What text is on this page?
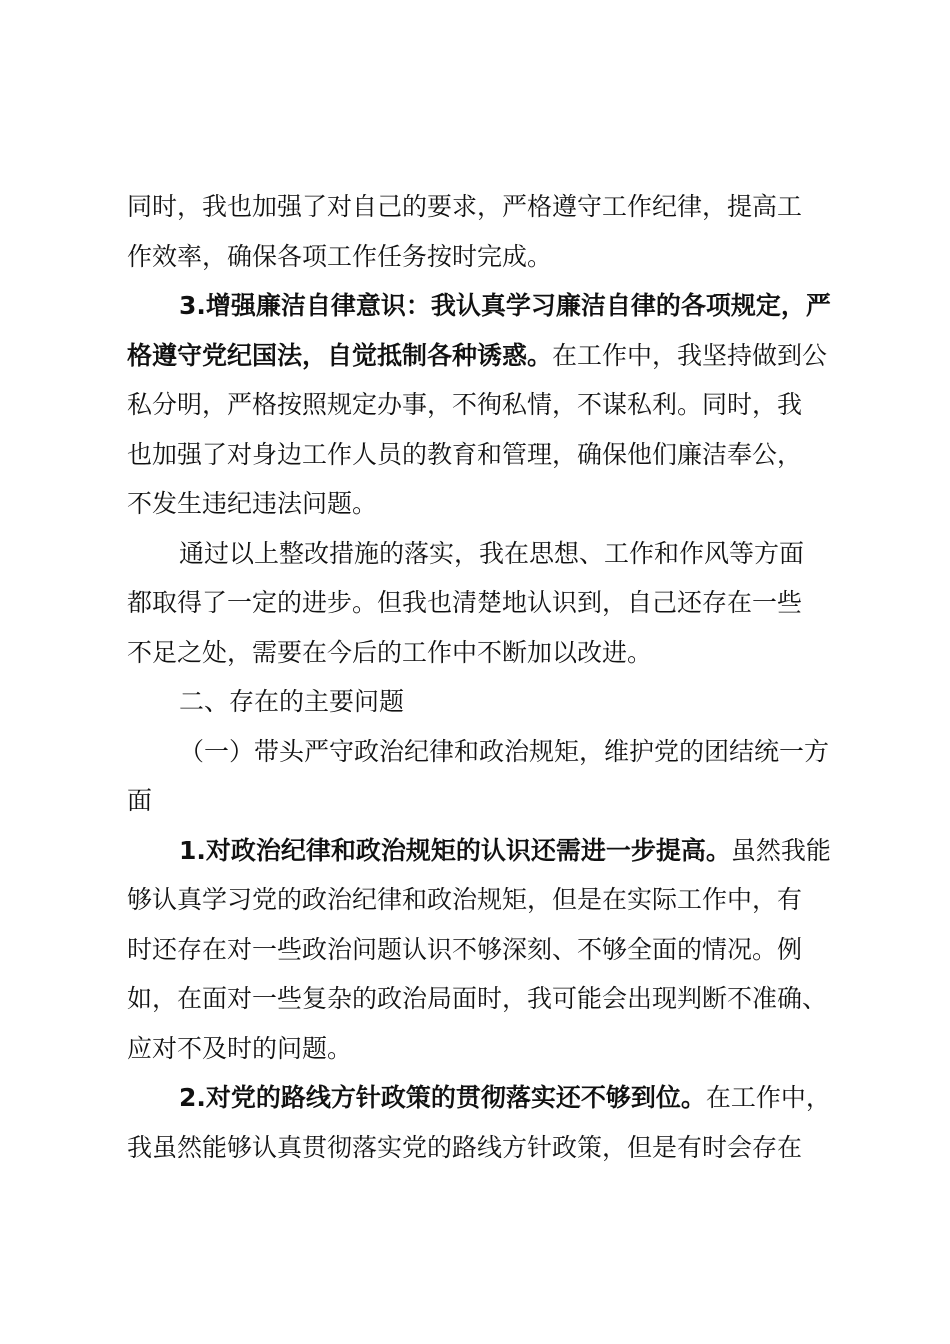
同时，我也加强了对自己的要求，严格遵守工作纪律，提高工
作效率，确保各项工作任务按时完成。
3.增强廉洁自律意识：我认真学习廉洁自律的各项规定，严
格遵守党纪国法，自觉抵制各种诱惑。在工作中，我坚持做到公
私分明，严格按照规定办事，不徇私情，不谋私利。同时，我
也加强了对身边工作人员的教育和管理，确保他们廉洁奉公，
不发生违纪违法问题。
通过以上整改措施的落实，我在思想、工作和作风等方面
都取得了一定的进步。但我也清楚地认识到，自己还存在一些
不足之处，需要在今后的工作中不断加以改进。
二、存在的主要问题
（一）带头严守政治纪律和政治规矩，维护党的团结统一方
面
1.对政治纪律和政治规矩的认识还需进一步提高。虽然我能
够认真学习党的政治纪律和政治规矩，但是在实际工作中，有
时还存在对一些政治问题认识不够深刻、不够全面的情况。例
如，在面对一些复杂的政治局面时，我可能会出现判断不准确、
应对不及时的问题。
2.对党的路线方针政策的贯彻落实还不够到位。在工作中，
我虽然能够认真贯彻落实党的路线方针政策，但是有时会存在
